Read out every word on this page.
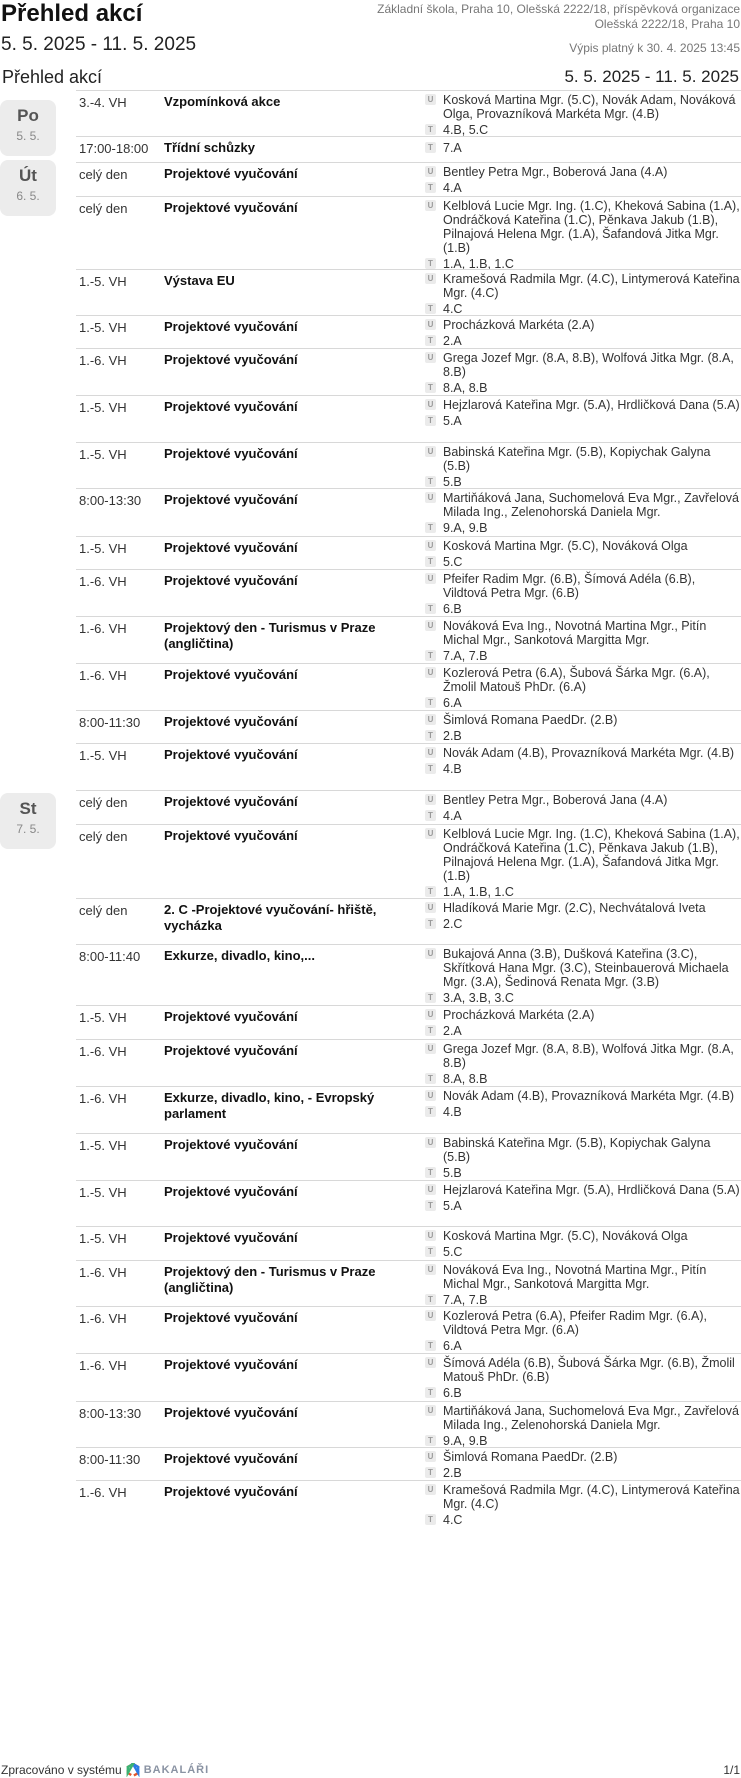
Přehled akcí
5. 5. 2025 - 11. 5. 2025
Základní škola, Praha 10, Olešská 2222/18, příspěvková organizace
Olešská 2222/18, Praha 10
Výpis platný k 30. 4. 2025 13:45
Přehled akcí	5. 5. 2025 - 11. 5. 2025
Po
5. 5.
3.-4. VH	Vzpomínková akce	U Kosková Martina Mgr. (5.C), Novák Adam, Nováková Olga, Provazníková Markéta Mgr. (4.B)
T 4.B, 5.C
17:00-18:00	Třídní schůzky	T 7.A
Út
6. 5.
celý den	Projektové vyučování	U Bentley Petra Mgr., Boberová Jana (4.A)
T 4.A
celý den	Projektové vyučování	U Kelblová Lucie Mgr. Ing. (1.C), Kheková Sabina (1.A), Ondráčková Kateřina (1.C), Pěnkava Jakub (1.B), Pilnajová Helena Mgr. (1.A), Šafandová Jitka Mgr. (1.B)
T 1.A, 1.B, 1.C
1.-5. VH	Výstava EU	U Kramešová Radmila Mgr. (4.C), Lintymerová Kateřina Mgr. (4.C)
T 4.C
1.-5. VH	Projektové vyučování	U Procházková Markéta (2.A)
T 2.A
1.-6. VH	Projektové vyučování	U Grega Jozef Mgr. (8.A, 8.B), Wolfová Jitka Mgr. (8.A, 8.B)
T 8.A, 8.B
1.-5. VH	Projektové vyučování	U Hejzlarová Kateřina Mgr. (5.A), Hrdličková Dana (5.A)
T 5.A
1.-5. VH	Projektové vyučování	U Babinská Kateřina Mgr. (5.B), Kopiychak Galyna (5.B)
T 5.B
8:00-13:30	Projektové vyučování	U Martiňáková Jana, Suchomelová Eva Mgr., Zavřelová Milada Ing., Zelenohorská Daniela Mgr.
T 9.A, 9.B
1.-5. VH	Projektové vyučování	U Kosková Martina Mgr. (5.C), Nováková Olga
T 5.C
1.-6. VH	Projektové vyučování	U Pfeifer Radim Mgr. (6.B), Šímová Adéla (6.B), Vildtová Petra Mgr. (6.B)
T 6.B
1.-6. VH	Projektový den - Turismus v Praze (angličtina)
U Nováková Eva Ing., Novotná Martina Mgr., Pitín Michal Mgr., Sankotová Margitta Mgr.
T 7.A, 7.B
1.-6. VH	Projektové vyučování	U Kozlerová Petra (6.A), Šubová Šárka Mgr. (6.A), Žmolil Matouš PhDr. (6.A)
T 6.A
8:00-11:30	Projektové vyučování	U Šimlová Romana PaedDr. (2.B)
T 2.B
1.-5. VH	Projektové vyučování	U Novák Adam (4.B), Provazníková Markéta Mgr. (4.B)
T 4.B
St
7. 5.
celý den	Projektové vyučování	U Bentley Petra Mgr., Boberová Jana (4.A)
T 4.A
celý den	Projektové vyučování	U Kelblová Lucie Mgr. Ing. (1.C), Kheková Sabina (1.A), Ondráčková Kateřina (1.C), Pěnkava Jakub (1.B), Pilnajová Helena Mgr. (1.A), Šafandová Jitka Mgr. (1.B)
T 1.A, 1.B, 1.C
celý den	2. C -Projektové vyučování- hřiště, vycházka
U Hladíková Marie Mgr. (2.C), Nechvátalová Iveta
T 2.C
8:00-11:40	Exkurze, divadlo, kino,...	U Bukajová Anna (3.B), Dušková Kateřina (3.C), Skřítková Hana Mgr. (3.C), Steinbauerová Michaela Mgr. (3.A), Šedinová Renata Mgr. (3.B)
T 3.A, 3.B, 3.C
1.-5. VH	Projektové vyučování	U Procházková Markéta (2.A)
T 2.A
1.-6. VH	Projektové vyučování	U Grega Jozef Mgr. (8.A, 8.B), Wolfová Jitka Mgr. (8.A, 8.B)
T 8.A, 8.B
1.-6. VH	Exkurze, divadlo, kino, - Evropský parlament
U Novák Adam (4.B), Provazníková Markéta Mgr. (4.B)
T 4.B
1.-5. VH	Projektové vyučování	U Babinská Kateřina Mgr. (5.B), Kopiychak Galyna (5.B)
T 5.B
1.-5. VH	Projektové vyučování	U Hejzlarová Kateřina Mgr. (5.A), Hrdličková Dana (5.A)
T 5.A
1.-5. VH	Projektové vyučování	U Kosková Martina Mgr. (5.C), Nováková Olga
T 5.C
1.-6. VH	Projektový den - Turismus v Praze (angličtina)
U Nováková Eva Ing., Novotná Martina Mgr., Pitín Michal Mgr., Sankotová Margitta Mgr.
T 7.A, 7.B
1.-6. VH	Projektové vyučování	U Kozlerová Petra (6.A), Pfeifer Radim Mgr. (6.A), Vildtová Petra Mgr. (6.A)
T 6.A
1.-6. VH	Projektové vyučování	U Šímová Adéla (6.B), Šubová Šárka Mgr. (6.B), Žmolil Matouš PhDr. (6.B)
T 6.B
8:00-13:30	Projektové vyučování	U Martiňáková Jana, Suchomelová Eva Mgr., Zavřelová Milada Ing., Zelenohorská Daniela Mgr.
T 9.A, 9.B
8:00-11:30	Projektové vyučování	U Šimlová Romana PaedDr. (2.B)
T 2.B
1.-6. VH	Projektové vyučování	U Kramešová Radmila Mgr. (4.C), Lintymerová Kateřina Mgr. (4.C)
T 4.C
Zpracováno v systému BAKALÁŘI	1/1
